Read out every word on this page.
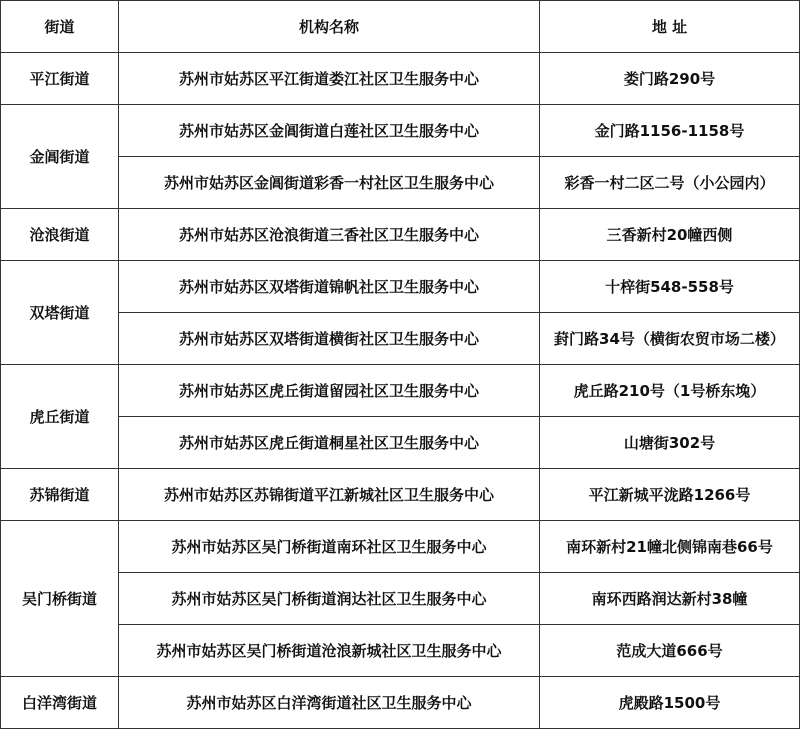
街道	机构名称	地 址
平江街道	苏州市姑苏区平江街道娄江社区卫生服务中心	娄门路290号
金阊街道	苏州市姑苏区金阊街道白莲社区卫生服务中心	金门路1156-1158号
	苏州市姑苏区金阊街道彩香一村社区卫生服务中心	彩香一村二区二号（小公园内）
沧浪街道	苏州市姑苏区沧浪街道三香社区卫生服务中心	三香新村20幢西侧
双塔街道	苏州市姑苏区双塔街道锦帆社区卫生服务中心	十梓街548-558号
	苏州市姑苏区双塔街道横街社区卫生服务中心	葑门路34号（横街农贸市场二楼）
虎丘街道	苏州市姑苏区虎丘街道留园社区卫生服务中心	虎丘路210号（1号桥东堍）
	苏州市姑苏区虎丘街道桐星社区卫生服务中心	山塘街302号
苏锦街道	苏州市姑苏区苏锦街道平江新城社区卫生服务中心	平江新城平泷路1266号
吴门桥街道	苏州市姑苏区吴门桥街道南环社区卫生服务中心	南环新村21幢北侧锦南巷66号
	苏州市姑苏区吴门桥街道润达社区卫生服务中心	南环西路润达新村38幢
	苏州市姑苏区吴门桥街道沧浪新城社区卫生服务中心	范成大道666号
白洋湾街道	苏州市姑苏区白洋湾街道社区卫生服务中心	虎殿路1500号
